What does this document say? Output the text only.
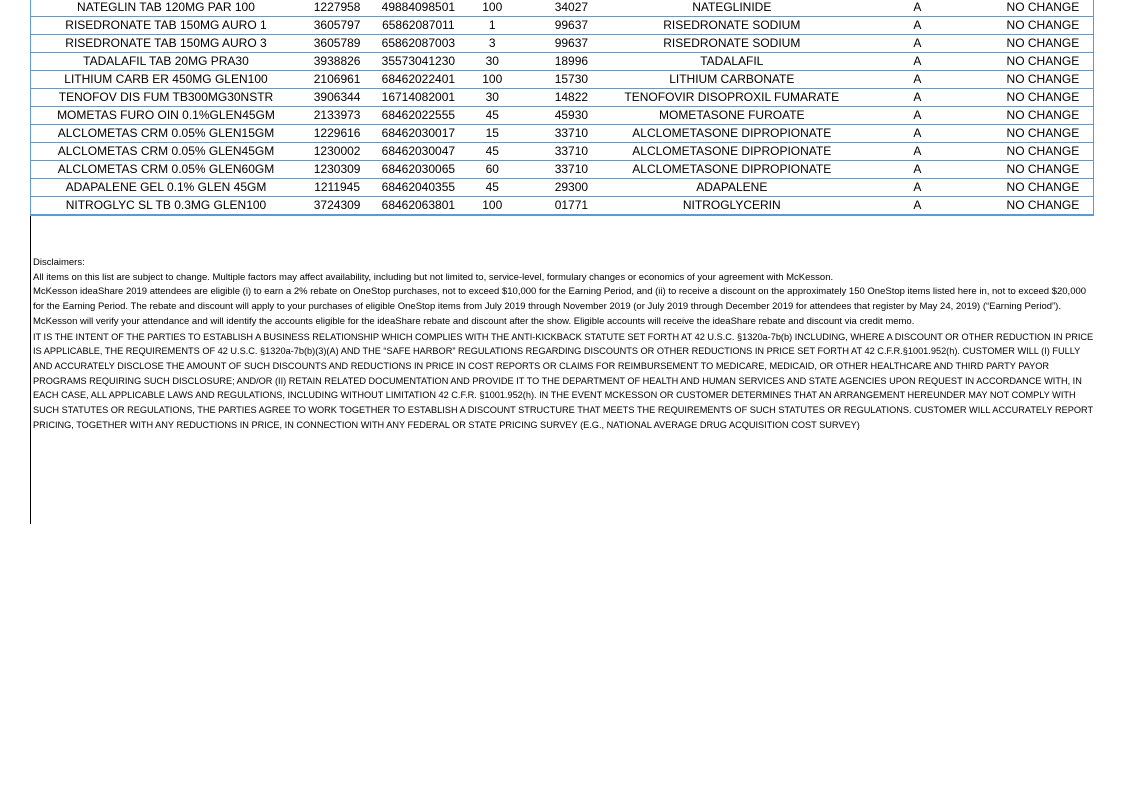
NATEGLIN TAB 120MG PAR 100	1227958	49884098501	100	34027	NATEGLINIDE	A	NO CHANGE
RISEDRONATE TAB 150MG AURO 1	3605797	65862087011	1	99637	RISEDRONATE SODIUM	A	NO CHANGE
RISEDRONATE TAB 150MG AURO 3	3605789	65862087003	3	99637	RISEDRONATE SODIUM	A	NO CHANGE
TADALAFIL TAB 20MG PRA30	3938826	35573041230	30	18996	TADALAFIL	A	NO CHANGE
LITHIUM CARB ER 450MG GLEN100	2106961	68462022401	100	15730	LITHIUM CARBONATE	A	NO CHANGE
TENOFOV DIS FUM TB300MG30NSTR	3906344	16714082001	30	14822	TENOFOVIR DISOPROXIL FUMARATE	A	NO CHANGE
MOMETAS FURO OIN 0.1%GLEN45GM	2133973	68462022555	45	45930	MOMETASONE FUROATE	A	NO CHANGE
ALCLOMETAS CRM 0.05% GLEN15GM	1229616	68462030017	15	33710	ALCLOMETASONE DIPROPIONATE	A	NO CHANGE
ALCLOMETAS CRM 0.05% GLEN45GM	1230002	68462030047	45	33710	ALCLOMETASONE DIPROPIONATE	A	NO CHANGE
ALCLOMETAS CRM 0.05% GLEN60GM	1230309	68462030065	60	33710	ALCLOMETASONE DIPROPIONATE	A	NO CHANGE
ADAPALENE GEL 0.1% GLEN 45GM	1211945	68462040355	45	29300	ADAPALENE	A	NO CHANGE
NITROGLYC SL TB 0.3MG GLEN100	3724309	68462063801	100	01771	NITROGLYCERIN	A	NO CHANGE

Disclaimers:

All items on this list are subject to change. Multiple factors may affect availability, including but not limited to, service-level, formulary changes or economics of your agreement with McKesson.

McKesson ideaShare 2019 attendees are eligible (i) to earn a 2% rebate on OneStop purchases, not to exceed $10,000 for the Earning Period, and (ii) to receive a discount on the approximately 150 OneStop items listed here in, not to exceed $20,000 for the Earning Period. The rebate and discount will apply to your purchases of eligible OneStop items from July 2019 through November 2019 (or July 2019 through December 2019 for attendees that register by May 24, 2019) (“Earning Period”). McKesson will verify your attendance and will identify the accounts eligible for the ideaShare rebate and discount after the show. Eligible accounts will receive the ideaShare rebate and discount via credit memo.

IT IS THE INTENT OF THE PARTIES TO ESTABLISH A BUSINESS RELATIONSHIP WHICH COMPLIES WITH THE ANTI-KICKBACK STATUTE SET FORTH AT 42 U.S.C. §1320a-7b(b) INCLUDING, WHERE A DISCOUNT OR OTHER REDUCTION IN PRICE IS APPLICABLE, THE REQUIREMENTS OF 42 U.S.C. §1320a-7b(b)(3)(A) AND THE “SAFE HARBOR” REGULATIONS REGARDING DISCOUNTS OR OTHER REDUCTIONS IN PRICE SET FORTH AT 42 C.F.R.§1001.952(h). CUSTOMER WILL (I) FULLY AND ACCURATELY DISCLOSE THE AMOUNT OF SUCH DISCOUNTS AND REDUCTIONS IN PRICE IN COST REPORTS OR CLAIMS FOR REIMBURSEMENT TO MEDICARE, MEDICAID, OR OTHER HEALTHCARE AND THIRD PARTY PAYOR PROGRAMS REQUIRING SUCH DISCLOSURE; AND/OR (II) RETAIN RELATED DOCUMENTATION AND PROVIDE IT TO THE DEPARTMENT OF HEALTH AND HUMAN SERVICES AND STATE AGENCIES UPON REQUEST IN ACCORDANCE WITH, IN EACH CASE, ALL APPLICABLE LAWS AND REGULATIONS, INCLUDING WITHOUT LIMITATION 42 C.F.R. §1001.952(h). IN THE EVENT MCKESSON OR CUSTOMER DETERMINES THAT AN ARRANGEMENT HEREUNDER MAY NOT COMPLY WITH SUCH STATUTES OR REGULATIONS, THE PARTIES AGREE TO WORK TOGETHER TO ESTABLISH A DISCOUNT STRUCTURE THAT MEETS THE REQUIREMENTS OF SUCH STATUTES OR REGULATIONS. CUSTOMER WILL ACCURATELY REPORT PRICING, TOGETHER WITH ANY REDUCTIONS IN PRICE, IN CONNECTION WITH ANY FEDERAL OR STATE PRICING SURVEY (E.G., NATIONAL AVERAGE DRUG ACQUISITION COST SURVEY)
